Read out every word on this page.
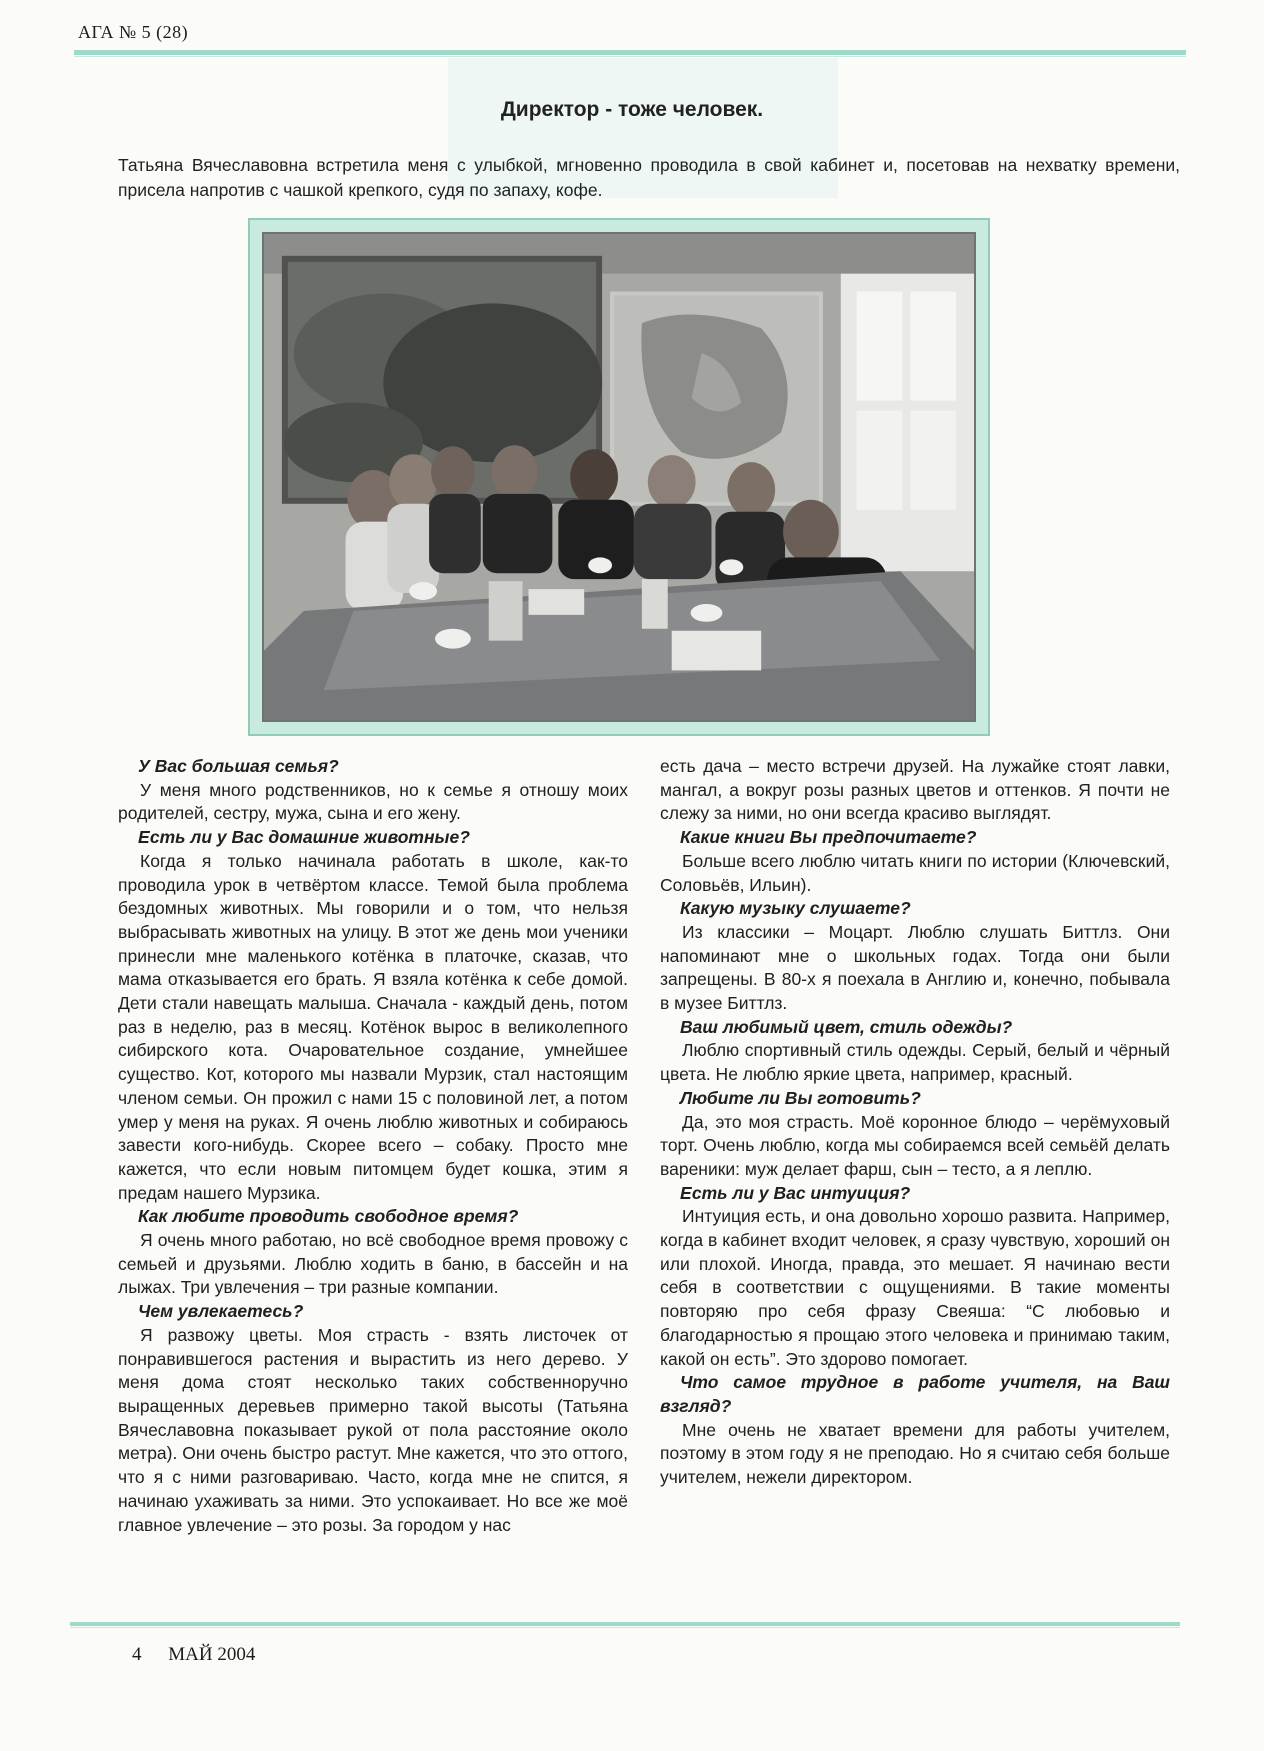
АГА № 5 (28)
Директор - тоже человек.
Татьяна Вячеславовна встретила меня с улыбкой, мгновенно проводила в свой кабинет и, посетовав на нехватку времени, присела напротив с чашкой крепкого, судя по запаху, кофе.

У Вас большая семья?

У меня много родственников, но к семье я отношу моих родителей, сестру, мужа, сына и его жену.

Есть ли у Вас домашние животные?

Когда я только начинала работать в школе, как-то проводила урок в четвёртом классе. Темой была проблема бездомных животных. Мы говорили и о том, что нельзя выбрасывать животных на улицу. В этот же день мои ученики принесли мне маленького котёнка в платочке, сказав, что мама отказывается его брать. Я взяла котёнка к себе домой. Дети стали навещать малыша. Сначала - каждый день, потом раз в неделю, раз в месяц. Котёнок вырос в великолепного сибирского кота. Очаровательное создание, умнейшее существо. Кот, которого мы назвали Мурзик, стал настоящим членом семьи. Он прожил с нами 15 с половиной лет, а потом умер у меня на руках. Я очень люблю животных и собираюсь завести кого-нибудь. Скорее всего – собаку. Просто мне кажется, что если новым питомцем будет кошка, этим я предам нашего Мурзика.

Как любите проводить свободное время?

Я очень много работаю, но всё свободное время провожу с семьей и друзьями. Люблю ходить в баню, в бассейн и на лыжах. Три увлечения – три разные компании.

Чем увлекаетесь?

Я развожу цветы. Моя страсть - взять листочек от понравившегося растения и вырастить из него дерево. У меня дома стоят несколько таких собственноручно выращенных деревьев примерно такой высоты (Татьяна Вячеславовна показывает рукой от пола расстояние около метра). Они очень быстро растут. Мне кажется, что это оттого, что я с ними разговариваю. Часто, когда мне не спится, я начинаю ухаживать за ними. Это успокаивает. Но все же моё главное увлечение – это розы. За городом у нас

есть дача – место встречи друзей. На лужайке стоят лавки, мангал, а вокруг розы разных цветов и оттенков. Я почти не слежу за ними, но они всегда красиво выглядят.

Какие книги Вы предпочитаете?

Больше всего люблю читать книги по истории (Ключевский, Соловьёв, Ильин).

Какую музыку слушаете?

Из классики – Моцарт. Люблю слушать Биттлз. Они напоминают мне о школьных годах. Тогда они были запрещены. В 80-х я поехала в Англию и, конечно, побывала в музее Биттлз.

Ваш любимый цвет, стиль одежды?

Люблю спортивный стиль одежды. Серый, белый и чёрный цвета. Не люблю яркие цвета, например, красный.

Любите ли Вы готовить?

Да, это моя страсть. Моё коронное блюдо – черёмуховый торт. Очень люблю, когда мы собираемся всей семьёй делать вареники: муж делает фарш, сын – тесто, а я леплю.

Есть ли у Вас интуиция?

Интуиция есть, и она довольно хорошо развита. Например, когда в кабинет входит человек, я сразу чувствую, хороший он или плохой. Иногда, правда, это мешает. Я начинаю вести себя в соответствии с ощущениями. В такие моменты повторяю про себя фразу Свеяша: “С любовью и благодарностью я прощаю этого человека и принимаю таким, какой он есть”. Это здорово помогает.

Что самое трудное в работе учителя, на Ваш взгляд?

Мне очень не хватает времени для работы учителем, поэтому в этом году я не преподаю. Но я считаю себя больше учителем, нежели директором.

4 МАЙ 2004
